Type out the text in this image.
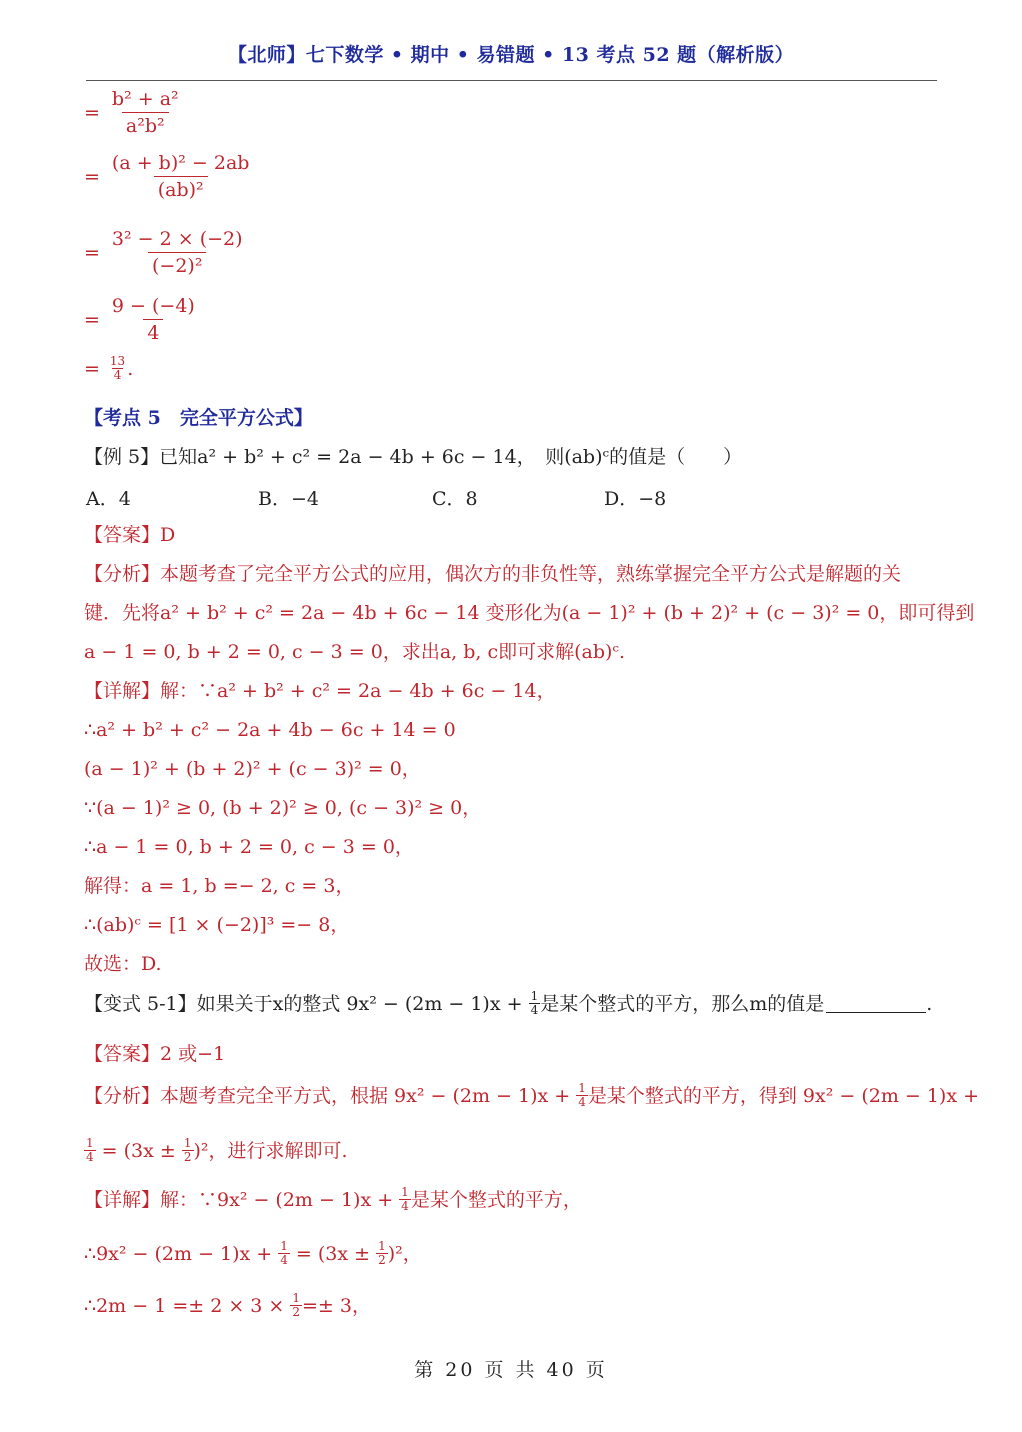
【北师】七下数学 • 期中 • 易错题 • 13 考点 52 题（解析版）
= $\frac{\text{b² + a²}}{\text{a²b²}}$
= $\frac{\text{(a + b)² − 2ab}}{\text{(ab)²}}$
= $\frac{\text{3² − 2 × (−2)}}{\text{(−2)²}}$
= $\frac{9 - (-4)}{4}$
= $\frac{13}{4}$ .
【考点 5　完全平方公式】
【例 5】已知a² + b² + c² = 2a − 4b + 6c − 14，　则(ab)ᶜ的值是（　　）
A．4	B．−4	C．8	D．−8
【答案】D
【分析】本题考查了完全平方公式的应用，偶次方的非负性等，熟练掌握完全平方公式是解题的关
键．先将a² + b² + c² = 2a − 4b + 6c − 14 变形化为(a − 1)² + (b + 2)² + (c − 3)² = 0，即可得到
a − 1 = 0, b + 2 = 0, c − 3 = 0，求出a, b, c即可求解(ab)ᶜ.
【详解】解：∵a² + b² + c² = 2a − 4b + 6c − 14，
∴a² + b² + c² − 2a + 4b − 6c + 14 = 0
(a − 1)² + (b + 2)² + (c − 3)² = 0，
∵(a − 1)² ≥ 0, (b + 2)² ≥ 0, (c − 3)² ≥ 0，
∴a − 1 = 0, b + 2 = 0, c − 3 = 0，
解得：a = 1, b =− 2, c = 3，
∴(ab)ᶜ = [1 × (−2)]³ =− 8，
故选：D.
【变式 5-1】 如果关于x的整式 $9x^2 - (2m - 1)x + \frac{1}{4}$ 是某个整式的平方，那么m的值是	.
【答案】2 或−1
【分析】 本题考查完全平方式，根据 $9x^2 - (2m - 1)x + \frac{1}{4}$ 是某个整式的平方，得到 9x² − (2m − 1)x +
$\frac{1}{4} = (3x \pm \frac{1}{2} )^2$，进行求解即可.
【详解】 解：∵9x² − $(2m - 1)x + \frac{1}{4}$ 是某个整式的平方，
∴9x² − $(2m - 1)x + \frac{1}{4} = (3x \pm \frac{1}{2} )^2$，
∴2m − $1 =\pm 2 \times 3 \times \frac{1}{2} =\pm 3$，
第 20 页 共 40 页
